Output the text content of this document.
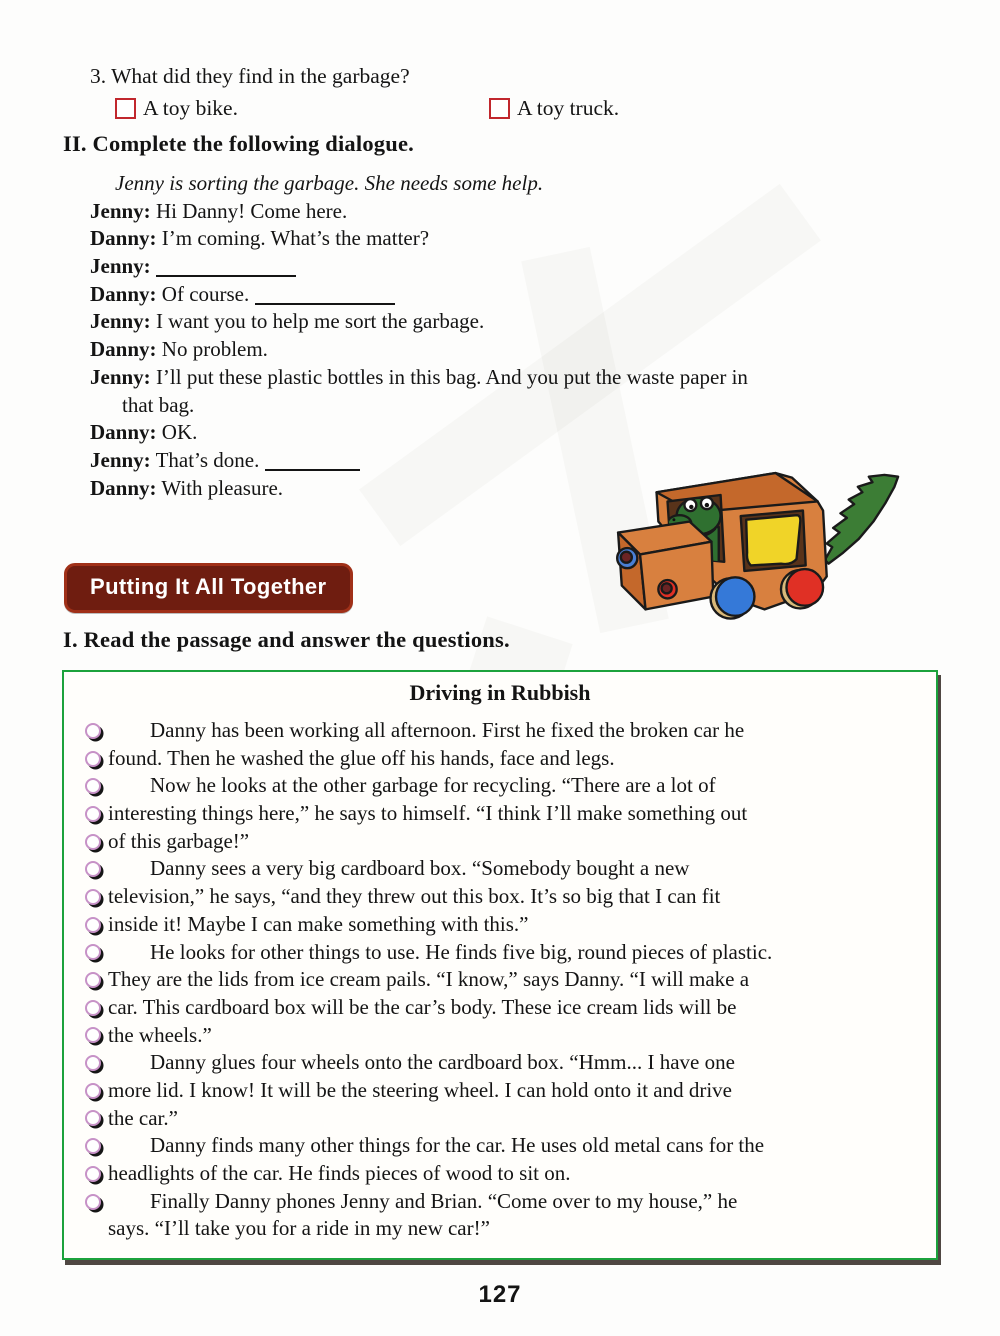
3. What did they find in the garbage?
A toy bike.	A toy truck.
II. Complete the following dialogue.
Jenny is sorting the garbage. She needs some help.
Jenny: Hi Danny! Come here.
Danny: I’m coming. What’s the matter?
Jenny:
Danny: Of course.
Jenny: I want you to help me sort the garbage.
Danny: No problem.
Jenny: I’ll put these plastic bottles in this bag. And you put the waste paper in
that bag.
Danny: OK.
Jenny: That’s done.
Danny: With pleasure.
Putting It All Together
I. Read the passage and answer the questions.
Driving in Rubbish
Danny has been working all afternoon. First he fixed the broken car he
found. Then he washed the glue off his hands, face and legs.
Now he looks at the other garbage for recycling. “There are a lot of
interesting things here,” he says to himself. “I think I’ll make something out
of this garbage!”
Danny sees a very big cardboard box. “Somebody bought a new
television,” he says, “and they threw out this box. It’s so big that I can fit
inside it! Maybe I can make something with this.”
He looks for other things to use. He finds five big, round pieces of plastic.
They are the lids from ice cream pails. “I know,” says Danny. “I will make a
car. This cardboard box will be the car’s body. These ice cream lids will be
the wheels.”
Danny glues four wheels onto the cardboard box. “Hmm... I have one
more lid. I know! It will be the steering wheel. I can hold onto it and drive
the car.”
Danny finds many other things for the car. He uses old metal cans for the
headlights of the car. He finds pieces of wood to sit on.
Finally Danny phones Jenny and Brian. “Come over to my house,” he
says. “I’ll take you for a ride in my new car!”
127
